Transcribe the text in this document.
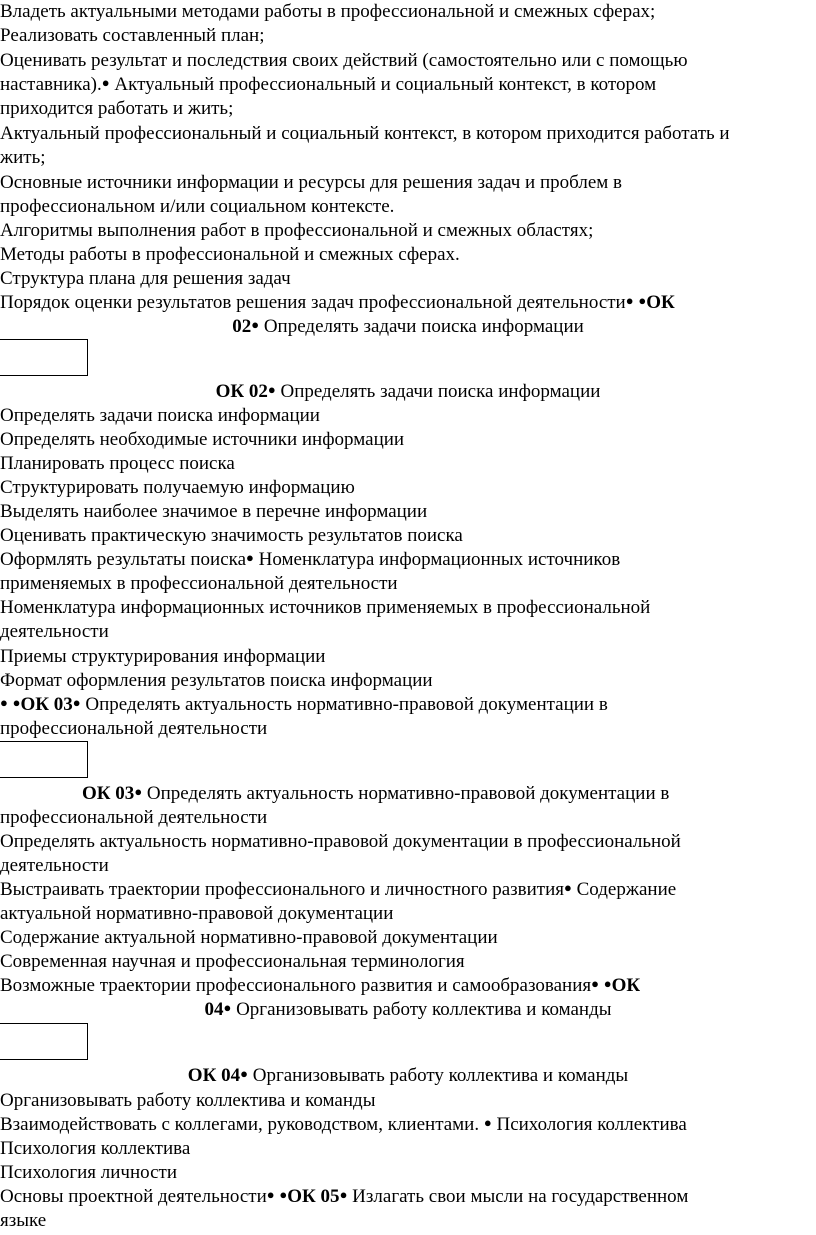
Владеть актуальными методами работы в профессиональной и смежных сферах;
Реализовать составленный план;
Оценивать результат и последствия своих действий (самостоятельно или с помощью
наставника).● Актуальный профессиональный и социальный контекст, в котором
приходится работать и жить;
Актуальный профессиональный и социальный контекст, в котором приходится работать и
жить;
Основные источники информации и ресурсы для решения задач и проблем в
профессиональном и/или социальном контексте.
Алгоритмы выполнения работ в профессиональной и смежных областях;
Методы работы в профессиональной и смежных сферах.
Структура плана для решения задач
Порядок оценки результатов решения задач профессиональной деятельности● ●ОК
02● Определять задачи поиска информации
ОК 02● Определять задачи поиска информации
Определять задачи поиска информации
Определять необходимые источники информации
Планировать процесс поиска
Структурировать получаемую информацию
Выделять наиболее значимое в перечне информации
Оценивать практическую значимость результатов поиска
Оформлять результаты поиска● Номенклатура информационных источников
применяемых в профессиональной деятельности
Номенклатура информационных источников применяемых в профессиональной
деятельности
Приемы структурирования информации
Формат оформления результатов поиска информации
● ●ОК 03● Определять актуальность нормативно-правовой документации в
профессиональной деятельности
ОК 03● Определять актуальность нормативно-правовой документации в
профессиональной деятельности
Определять актуальность нормативно-правовой документации в профессиональной
деятельности
Выстраивать траектории профессионального и личностного развития● Содержание
актуальной нормативно-правовой документации
Содержание актуальной нормативно-правовой документации
Современная научная и профессиональная терминология
Возможные траектории профессионального развития и самообразования● ●ОК
04● Организовывать работу коллектива и команды
ОК 04● Организовывать работу коллектива и команды
Организовывать работу коллектива и команды
Взаимодействовать с коллегами, руководством, клиентами. ● Психология коллектива
Психология коллектива
Психология личности
Основы проектной деятельности● ●ОК 05● Излагать свои мысли на государственном
языке
